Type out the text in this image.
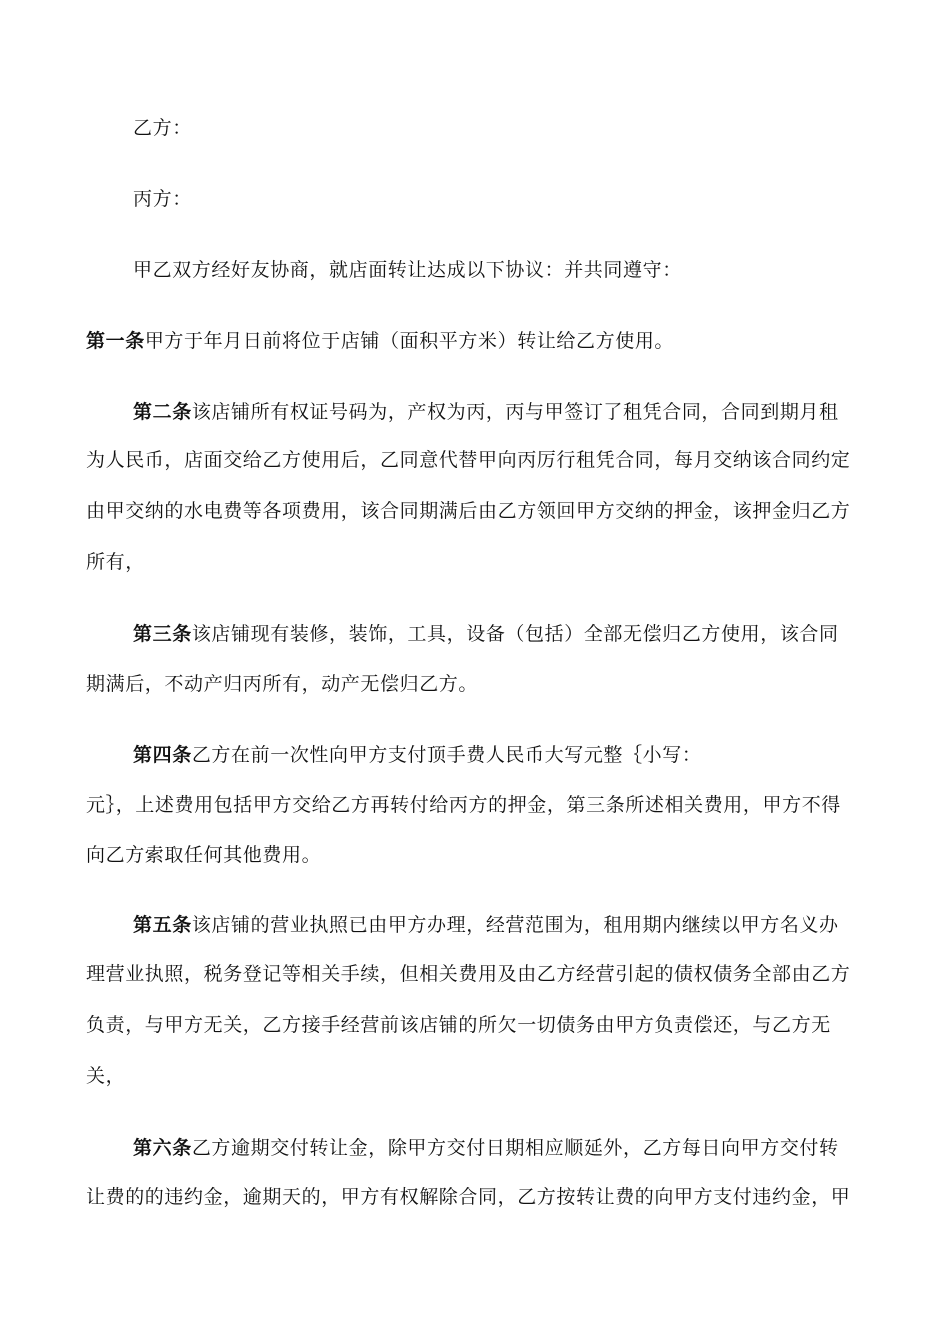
乙方：
丙方：
甲乙双方经好友协商，就店面转让达成以下协议：并共同遵守：
第一条甲方于年月日前将位于店铺（面积平方米）转让给乙方使用。
第二条该店铺所有权证号码为，产权为丙，丙与甲签订了租凭合同，合同到期月租
为人民币，店面交给乙方使用后，乙同意代替甲向丙厉行租凭合同，每月交纳该合同约定
由甲交纳的水电费等各项费用，该合同期满后由乙方领回甲方交纳的押金，该押金归乙方
所有，
第三条该店铺现有装修，装饰，工具，设备（包括）全部无偿归乙方使用，该合同
期满后，不动产归丙所有，动产无偿归乙方。
第四条乙方在前一次性向甲方支付顶手费人民币大写元整｛小写：
元｝，上述费用包括甲方交给乙方再转付给丙方的押金，第三条所述相关费用，甲方不得
向乙方索取任何其他费用。
第五条该店铺的营业执照已由甲方办理，经营范围为，租用期内继续以甲方名义办
理营业执照，税务登记等相关手续，但相关费用及由乙方经营引起的债权债务全部由乙方
负责，与甲方无关，乙方接手经营前该店铺的所欠一切债务由甲方负责偿还，与乙方无
关，
第六条乙方逾期交付转让金，除甲方交付日期相应顺延外，乙方每日向甲方交付转
让费的的违约金，逾期天的，甲方有权解除合同，乙方按转让费的向甲方支付违约金，甲
